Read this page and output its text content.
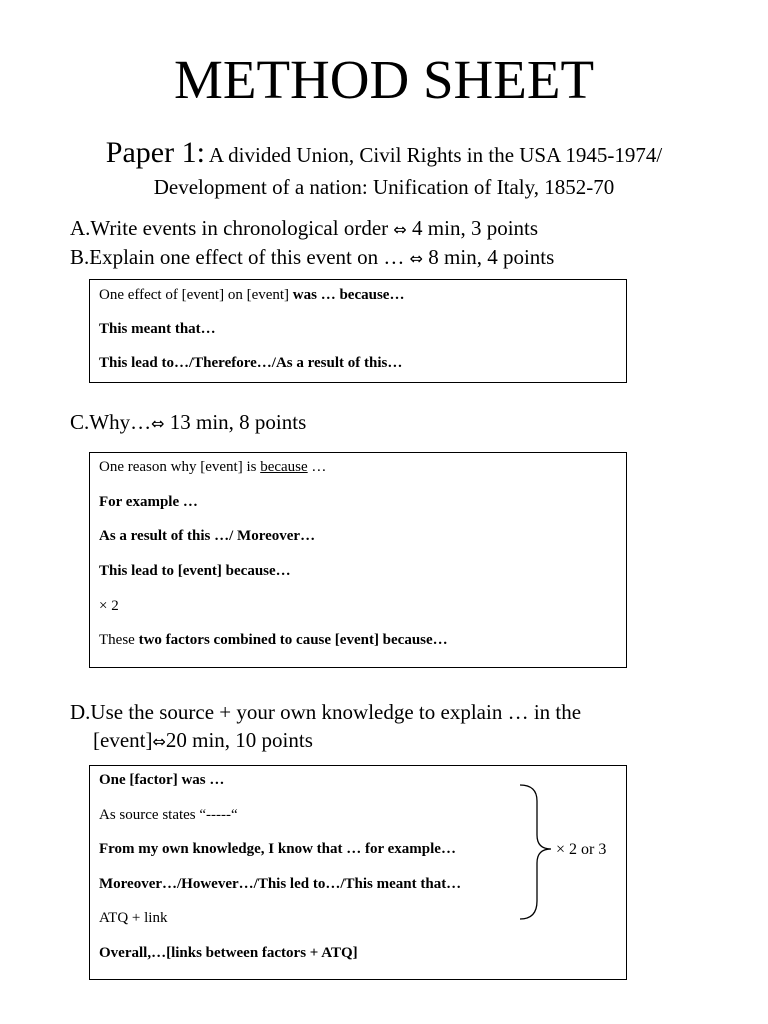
METHOD SHEET
Paper 1: A divided Union, Civil Rights in the USA 1945-1974/
Development of a nation: Unification of Italy, 1852-70
A.Write events in chronological order ⇔ 4 min, 3 points
B.Explain one effect of this event on … ⇔ 8 min, 4 points
One effect of [event] on [event] was … because…
This meant that…
This lead to…/Therefore…/As a result of this…
C.Why…⇔ 13 min, 8 points
One reason why [event] is because …
For example …
As a result of this …/ Moreover…
This lead to [event] because…
× 2
These two factors combined to cause [event] because…
D.Use the source + your own knowledge to explain … in the
[event]⇔20 min, 10 points
One [factor] was …
As source states “-----“
From my own knowledge, I know that … for example…
Moreover…/However…/This led to…/This meant that…
ATQ + link
Overall,…[links between factors + ATQ]
× 2 or 3
